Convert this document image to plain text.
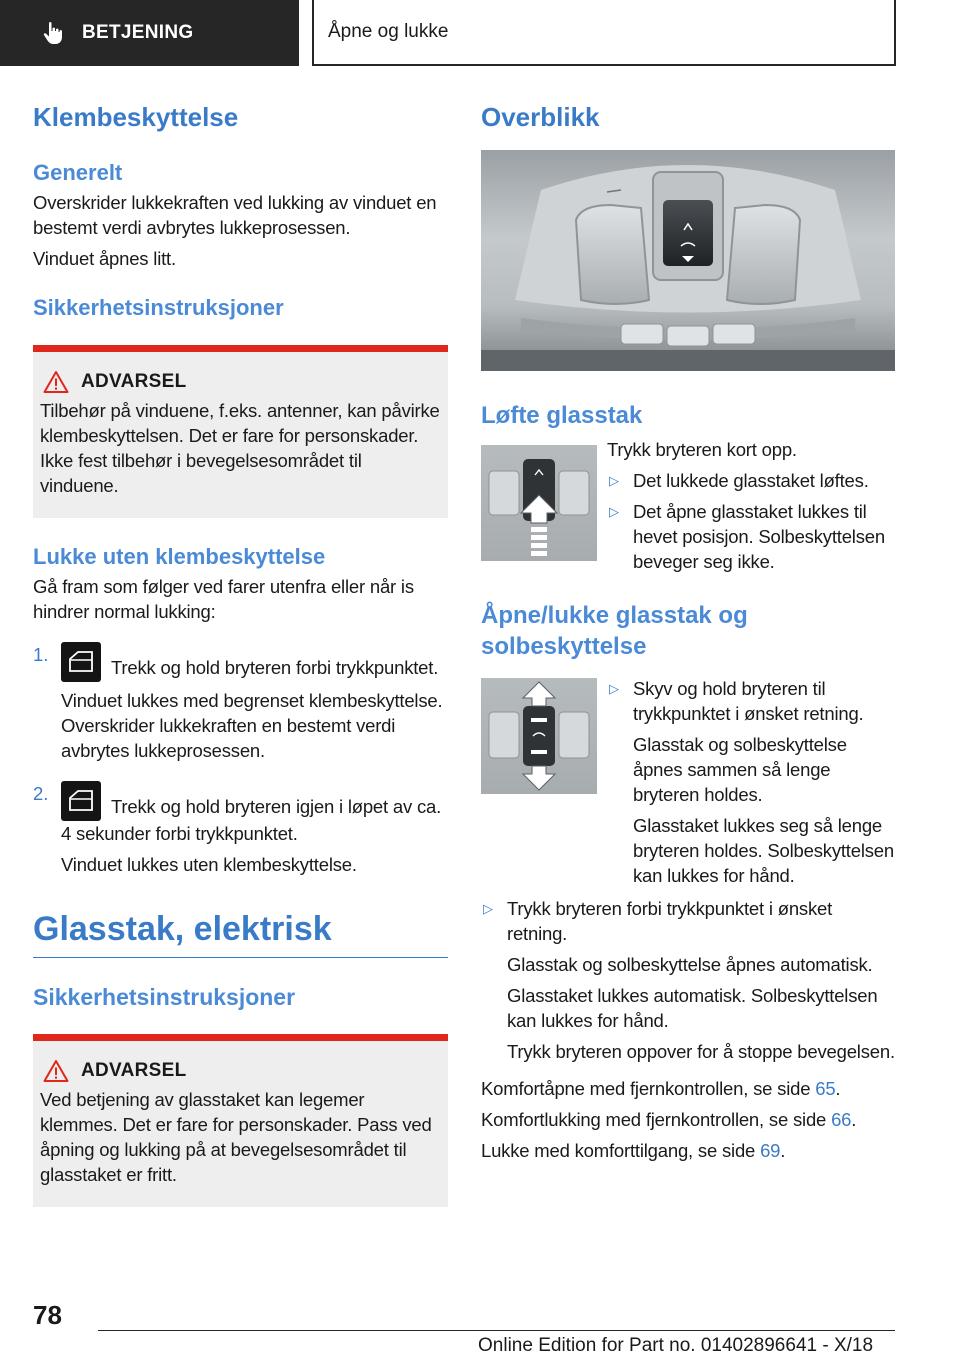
BETJENING	Åpne og lukke
Klembeskyttelse
Generelt

Overskrider lukkekraften ved lukking av vinduet en bestemt verdi avbrytes lukkeprosessen.

Vinduet åpnes litt.

Sikkerhetsinstruksjoner
ADVARSEL
Tilbehør på vinduene, f.eks. antenner, kan påvirke klembeskyttelsen. Det er fare for personskader. Ikke fest tilbehør i bevegelsesområdet til vinduene.
Lukke uten klembeskyttelse

Gå fram som følger ved farer utenfra eller når is hindrer normal lukking:

1.

Trekk og hold bryteren forbi trykkpunktet.

Vinduet lukkes med begrenset klembeskyttelse. Overskrider lukkekraften en bestemt verdi avbrytes lukkeprosessen.

2.

Trekk og hold bryteren igjen i løpet av ca. 4 sekunder forbi trykkpunktet.

Vinduet lukkes uten klembeskyttelse.

Glasstak, elektrisk
Sikkerhetsinstruksjoner
ADVARSEL
Ved betjening av glasstaket kan legemer klemmes. Det er fare for personskader. Pass ved åpning og lukking på at bevegelsesområdet til glasstaket er fritt.
Overblikk
Løfte glasstak

Trykk bryteren kort opp.

▷ Det lukkede glasstaket løftes.

▷ Det åpne glasstaket lukkes til hevet posisjon. Solbeskyttelsen beveger seg ikke.

Åpne/lukke glasstak og solbeskyttelse
▷ Skyv og hold bryteren til trykkpunktet i ønsket retning.

Glasstak og solbeskyttelse åpnes sammen så lenge bryteren holdes.

Glasstaket lukkes seg så lenge bryteren holdes. Solbeskyttelsen kan lukkes for hånd.

▷ Trykk bryteren forbi trykkpunktet i ønsket retning.

Glasstak og solbeskyttelse åpnes automatisk.

Glasstaket lukkes automatisk. Solbeskyttelsen kan lukkes for hånd.

Trykk bryteren oppover for å stoppe bevegelsen.

Komfortåpne med fjernkontrollen, se side 65.

Komfortlukking med fjernkontrollen, se side 66.

Lukke med komforttilgang, se side 69.

78
Online Edition for Part no. 01402896641 - X/18
